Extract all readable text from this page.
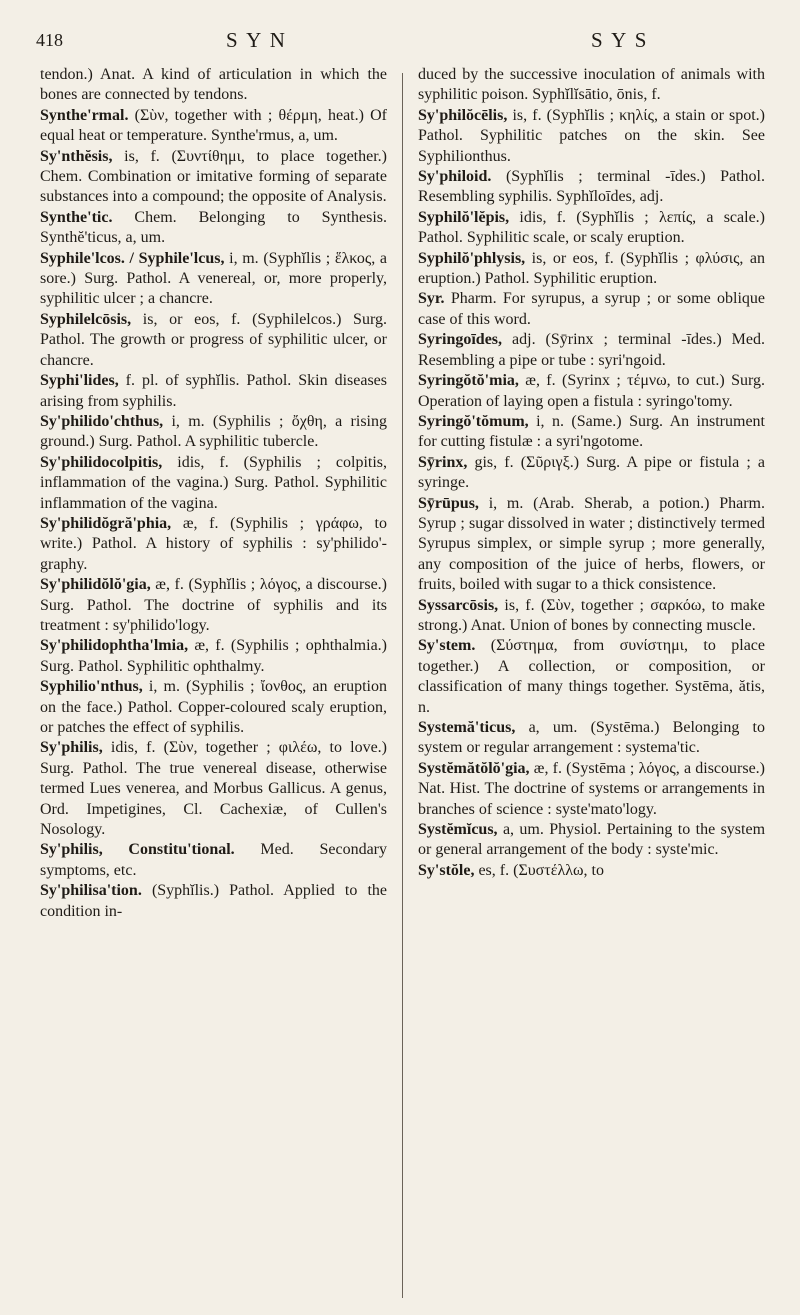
418	S Y N	S Y S

tendon.) Anat. A kind of articulation in which the bones are connected by tendons.

Synthe'rmal. (Σὺν, together with ; θέρμη, heat.) Of equal heat or temperature. Synthe'rmus, a, um.

Sy'nthĕsis, is, f. (Συντίθημι, to place together.) Chem. Combination or imitative forming of separate substances into a compound; the opposite of Analysis.

Synthe'tic. Chem. Belonging to Synthesis. Synthĕ'ticus, a, um.

Syphile'lcos. / Syphile'lcus, i, m. (Syphĭlis ; ἕλκος, a sore.) Surg. Pathol. A venereal, or, more properly, syphilitic ulcer ; a chancre.

Syphilelcōsis, is, or eos, f. (Syphilelcos.) Surg. Pathol. The growth or progress of syphilitic ulcer, or chancre.

Syphi'lides, f. pl. of syphĭlis. Pathol. Skin diseases arising from syphilis.

Sy'philido'chthus, i, m. (Syphilis ; ὄχθη, a rising ground.) Surg. Pathol. A syphilitic tubercle.

Sy'philidocolpitis, idis, f. (Syphilis ; colpitis, inflammation of the vagina.) Surg. Pathol. Syphilitic inflammation of the vagina.

Sy'philidŏgră'phia, æ, f. (Syphilis ; γράφω, to write.) Pathol. A history of syphilis : sy'philido'graphy.

Sy'philidŏlŏ'gia, æ, f. (Syphĭlis ; λόγος, a discourse.) Surg. Pathol. The doctrine of syphilis and its treatment : sy'philido'logy.

Sy'philidophtha'lmia, æ, f. (Syphilis ; ophthalmia.) Surg. Pathol. Syphilitic ophthalmy.

Syphilio'nthus, i, m. (Syphilis ; ἴονθος, an eruption on the face.) Pathol. Copper-coloured scaly eruption, or patches the effect of syphilis.

Sy'philis, idis, f. (Σὺν, together ; φιλέω, to love.) Surg. Pathol. The true venereal disease, otherwise termed Lues venerea, and Morbus Gallicus. A genus, Ord. Impetigines, Cl. Cachexiæ, of Cullen's Nosology.

Sy'philis, Constitu'tional. Med. Secondary symptoms, etc.

Sy'philisa'tion. (Syphĭlis.) Pathol. Applied to the condition in-

duced by the successive inoculation of animals with syphilitic poison. Syphĭlĭsātio, ōnis, f.

Sy'philŏcēlis, is, f. (Syphĭlis ; κηλίς, a stain or spot.) Pathol. Syphilitic patches on the skin. See Syphilionthus.

Sy'philoid. (Syphĭlis ; terminal -īdes.) Pathol. Resembling syphilis. Syphĭloīdes, adj.

Syphilŏ'lĕpis, idis, f. (Syphĭlis ; λεπίς, a scale.) Pathol. Syphilitic scale, or scaly eruption.

Syphilŏ'phlysis, is, or eos, f. (Syphĭlis ; φλύσις, an eruption.) Pathol. Syphilitic eruption.

Syr. Pharm. For syrupus, a syrup ; or some oblique case of this word.

Syringoīdes, adj. (Sȳrinx ; terminal -īdes.) Med. Resembling a pipe or tube : syri'ngoid.

Syringŏtŏ'mia, æ, f. (Syrinx ; τέμνω, to cut.) Surg. Operation of laying open a fistula : syringo'tomy.

Syringŏ'tŏmum, i, n. (Same.) Surg. An instrument for cutting fistulæ : a syri'ngotome.

Sȳrinx, gis, f. (Σῦριγξ.) Surg. A pipe or fistula ; a syringe.

Sȳrūpus, i, m. (Arab. Sherab, a potion.) Pharm. Syrup ; sugar dissolved in water ; distinctively termed Syrupus simplex, or simple syrup ; more generally, any composition of the juice of herbs, flowers, or fruits, boiled with sugar to a thick consistence.

Syssarcōsis, is, f. (Σὺν, together ; σαρκόω, to make strong.) Anat. Union of bones by connecting muscle.

Sy'stem. (Σύστημα, from συνίστημι, to place together.) A collection, or composition, or classification of many things together. Systēma, ătis, n.

Systemă'ticus, a, um. (Systēma.) Belonging to system or regular arrangement : systema'tic.

Systĕmătŏlŏ'gia, æ, f. (Systēma ; λόγος, a discourse.) Nat. Hist. The doctrine of systems or arrangements in branches of science : syste'mato'logy.

Systĕmĭcus, a, um. Physiol. Pertaining to the system or general arrangement of the body : syste'mic.

Sy'stŏle, es, f. (Συστέλλω, to
